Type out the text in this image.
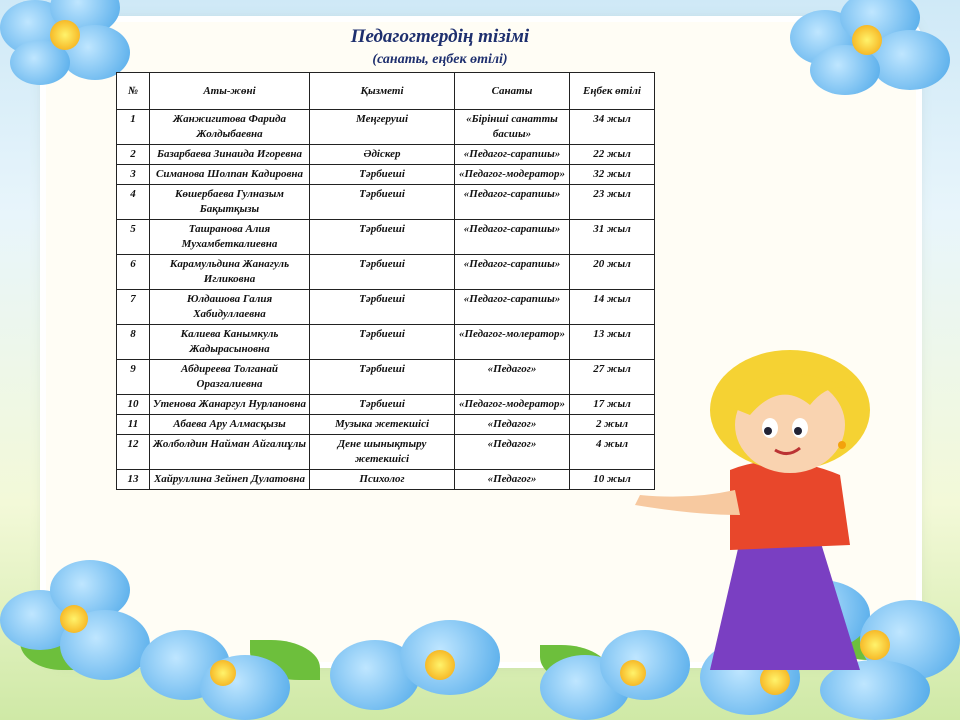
Педагогтердің тізімі
(санаты, еңбек өтілі)
№	Аты-жөні	Қызметі	Санаты	Еңбек өтілі
1	Жанжигитова Фарида Жолдыбаевна	Меңгеруші	«Бірінші санатты басшы»	34 жыл
2	Базарбаева Зинаида Игоревна	Әдіскер	«Педагог-сарапшы»	22 жыл
3	Симанова Шолпан Кадировна	Тәрбиеші	«Педагог-модератор»	32 жыл
4	Көшербаева Гулназым Бақытқызы	Тәрбиеші	«Педагог-сарапшы»	23 жыл
5	Ташранова Алия Мухамбеткалиевна	Тәрбиеші	«Педагог-сарапшы»	31 жыл
6	Карамульдина Жанагуль Игликовна	Тәрбиеші	«Педагог-сарапшы»	20 жыл
7	Юлдашова Галия Хабидуллаевна	Тәрбиеші	«Педагог-сарапшы»	14 жыл
8	Калиева Канымкуль Жадырасыновна	Тәрбиеші	«Педагог-молератор»	13 жыл
9	Абдиреева Толганай Оразгалиевна	Тәрбиеші	«Педагог»	27 жыл
10	Утенова Жанаргул Нурлановна	Тәрбиеші	«Педагог-модератор»	17 жыл
11	Абаева Ару Алмасқызы	Музыка жетекшісі	«Педагог»	2 жыл
12	Жолболдин Найман Айгалиұлы	Дене шынықтыру жетекшісі	«Педагог»	4 жыл
13	Хайруллина Зейнеп Дулатовна	Психолог	«Педагог»	10 жыл
